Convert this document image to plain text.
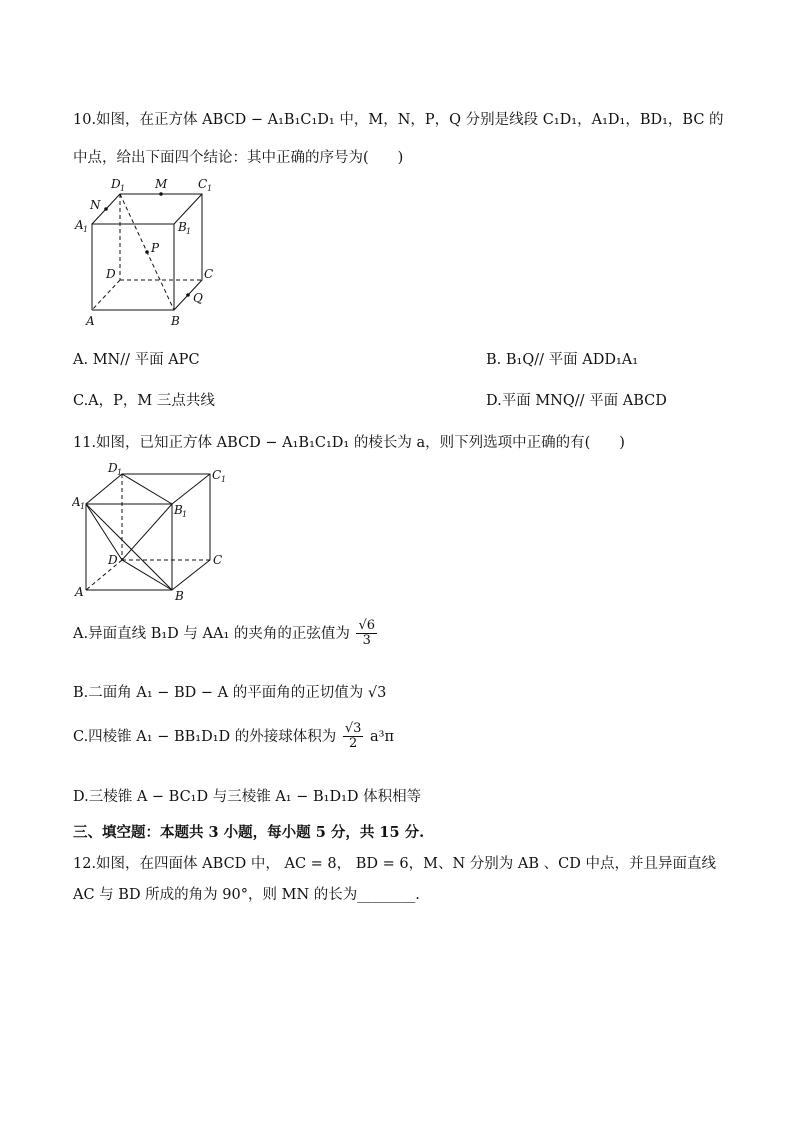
10.如图，在正方体 ABCD − A₁B₁C₁D₁ 中，M，N，P，Q 分别是线段 C₁D₁，A₁D₁，BD₁，BC 的
中点，给出下面四个结论：其中正确的序号为(　　)
D 1 M	C 1
N
A 1	B 1
P
D	C
Q
A	B
A. MN// 平面 APC	B. B₁Q// 平面 ADD₁A₁
C.A，P，M 三点共线	D.平面 MNQ// 平面 ABCD
11.如图，已知正方体 ABCD − A₁B₁C₁D₁ 的棱长为 a，则下列选项中正确的有(　　)
D 1	C 1
A 1	B 1
D	C
A	B
A.异面直线 B₁D 与 AA₁ 的夹角的正弦值为 $\frac{√6}{3}$
B.二面角 A₁ − BD − A 的平面角的正切值为 √3
C.四棱锥 A₁ − BB₁D₁D 的外接球体积为 $\frac{√3}{2} a^3\pi$
D.三棱锥 A − BC₁D 与三棱锥 A₁ − B₁D₁D 体积相等
三、填空题：本题共 3 小题，每小题 5 分，共 15 分.
12.如图，在四面体 ABCD 中， AC = 8， BD = 6，M、N 分别为 AB 、CD 中点，并且异面直线
AC 与 BD 所成的角为 90°，则 MN 的长为________.
